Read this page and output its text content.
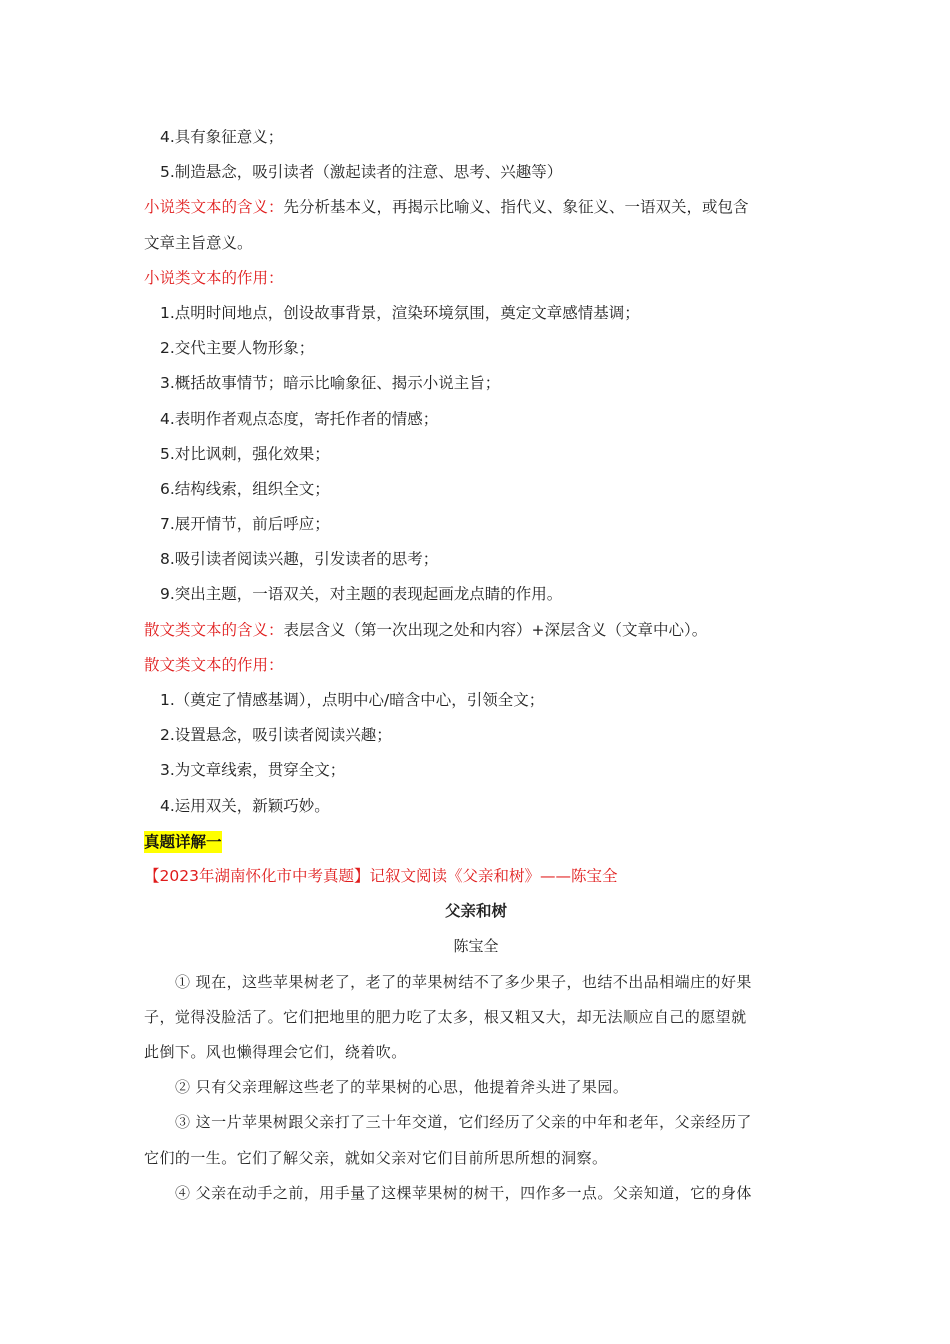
4.具有象征意义；
5.制造悬念，吸引读者（激起读者的注意、思考、兴趣等）
小说类文本的含义：先分析基本义，再揭示比喻义、指代义、象征义、一语双关，或包含
文章主旨意义。
小说类文本的作用：
1.点明时间地点，创设故事背景，渲染环境氛围，奠定文章感情基调；
2.交代主要人物形象；
3.概括故事情节；暗示比喻象征、揭示小说主旨；
4.表明作者观点态度，寄托作者的情感；
5.对比讽刺，强化效果；
6.结构线索，组织全文；
7.展开情节，前后呼应；
8.吸引读者阅读兴趣，引发读者的思考；
9.突出主题，一语双关，对主题的表现起画龙点睛的作用。
散文类文本的含义：表层含义（第一次出现之处和内容）+深层含义（文章中心）。
散文类文本的作用：
1.（奠定了情感基调），点明中心/暗含中心，引领全文；
2.设置悬念，吸引读者阅读兴趣；
3.为文章线索，贯穿全文；
4.运用双关，新颖巧妙。
真题详解一
【2023年湖南怀化市中考真题】记叙文阅读《父亲和树》——陈宝全
父亲和树
陈宝全
① 现在，这些苹果树老了，老了的苹果树结不了多少果子，也结不出品相端庄的好果
子，觉得没脸活了。它们把地里的肥力吃了太多，根又粗又大，却无法顺应自己的愿望就
此倒下。风也懒得理会它们，绕着吹。
② 只有父亲理解这些老了的苹果树的心思，他提着斧头进了果园。
③ 这一片苹果树跟父亲打了三十年交道，它们经历了父亲的中年和老年，父亲经历了
它们的一生。它们了解父亲，就如父亲对它们目前所思所想的洞察。
④ 父亲在动手之前，用手量了这棵苹果树的树干，四作多一点。父亲知道，它的身体
